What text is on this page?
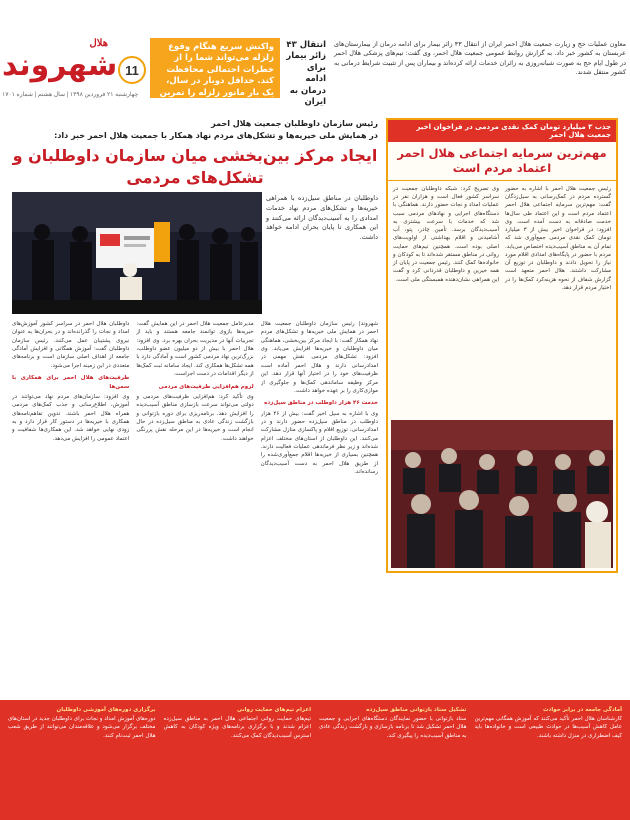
هلال
شهروند
چهارشنبه ۲۱ فروردین ۱۳۹۸ | سال هشتم | شماره ۱۷۰۱
11
واکنش سریع هنگام وقوع زلزله می‌تواند شما را از خطرات احتمالی محافظت کند. حداقل دوبار در سال، یک بار مانور زلزله را تمرین کنید.
انتقال ۴۳ زائر بیمار برای ادامه درمان به ایران
معاون عملیات حج و زیارت جمعیت هلال احمر ایران از انتقال ۴۳ زائر بیمار برای ادامه درمان از بیمارستان‌های عربستان به کشور خبر داد. به گزارش روابط عمومی جمعیت هلال احمر، وی گفت: تیم‌های پزشکی هلال احمر در طول ایام حج به صورت شبانه‌روزی به زائران خدمات ارائه کرده‌اند و بیماران پس از تثبیت شرایط درمانی به کشور منتقل شدند.
رئیس سازمان داوطلبان جمعیت هلال احمر
در همایش ملی خیریه‌ها و تشکل‌های مردم نهاد همکار با جمعیت هلال احمر خبر داد:
ایجاد مرکز بین‌بخشی میان سازمان داوطلبان و تشکل‌های مردمی
داوطلبان در مناطق سیل‌زده با همراهی خیریه‌ها و تشکل‌های مردم نهاد خدمات امدادی را به آسیب‌دیدگان ارائه می‌کنند و این همکاری تا پایان بحران ادامه خواهد داشت.

شهروند| رئیس سازمان داوطلبان جمعیت هلال احمر در همایش ملی خیریه‌ها و تشکل‌های مردم نهاد همکار گفت: با ایجاد مرکز بین‌بخشی، هماهنگی میان داوطلبان و خیریه‌ها افزایش می‌یابد. وی افزود: تشکل‌های مردمی نقش مهمی در امدادرسانی دارند و هلال احمر آماده است ظرفیت‌های خود را در اختیار آنها قرار دهد. این مرکز وظیفه ساماندهی کمک‌ها و جلوگیری از موازی‌کاری را بر عهده خواهد داشت.

خدمت ۴۶ هزار داوطلب در مناطق سیل‌زده

وی با اشاره به سیل اخیر گفت: بیش از ۴۶ هزار داوطلب در مناطق سیل‌زده حضور دارند و در امدادرسانی، توزیع اقلام و پاکسازی منازل مشارکت می‌کنند. این داوطلبان از استان‌های مختلف اعزام شده‌اند و زیر نظر فرماندهی عملیات فعالیت دارند. همچنین بسیاری از خیریه‌ها اقلام جمع‌آوری‌شده را از طریق هلال احمر به دست آسیب‌دیدگان رسانده‌اند.

مدیرعامل جمعیت هلال احمر در این همایش گفت: خیریه‌ها بازوی توانمند جامعه هستند و باید از تجربیات آنها در مدیریت بحران بهره برد. وی افزود: هلال احمر با بیش از دو میلیون عضو داوطلب، بزرگ‌ترین نهاد مردمی کشور است و آمادگی دارد با همه تشکل‌ها همکاری کند. ایجاد سامانه ثبت کمک‌ها از دیگر اقدامات در دست اجراست.

لزوم هم‌افزایی ظرفیت‌های مردمی

وی تأکید کرد: هم‌افزایی ظرفیت‌های مردمی و دولتی می‌تواند سرعت بازسازی مناطق آسیب‌دیده را افزایش دهد. برنامه‌ریزی برای دوره بازتوانی و بازگشت زندگی عادی به مناطق سیل‌زده در حال انجام است و خیریه‌ها در این مرحله نقش پررنگی خواهند داشت.

داوطلبان هلال احمر در سراسر کشور آموزش‌های امداد و نجات را گذرانده‌اند و در بحران‌ها به عنوان نیروی پشتیبان عمل می‌کنند. رئیس سازمان داوطلبان گفت: آموزش همگانی و افزایش آمادگی جامعه از اهداف اصلی سازمان است و برنامه‌های متعددی در این زمینه اجرا می‌شود.

ظرفیت‌های هلال احمر برای همکاری با سمن‌ها

وی افزود: سازمان‌های مردم نهاد می‌توانند در آموزش، اطلاع‌رسانی و جذب کمک‌های مردمی همراه هلال احمر باشند. تدوین تفاهم‌نامه‌های همکاری با خیریه‌ها در دستور کار قرار دارد و به زودی نهایی خواهد شد. این همکاری‌ها شفافیت و اعتماد عمومی را افزایش می‌دهد.

جذب ۳ میلیارد تومان کمک نقدی مردمی در فراخوان اخیر جمعیت هلال احمر
مهم‌ترین سرمایه اجتماعی هلال احمر اعتماد مردم است

رئیس جمعیت هلال احمر با اشاره به حضور گسترده مردم در کمک‌رسانی به سیل‌زدگان گفت: مهم‌ترین سرمایه اجتماعی هلال احمر اعتماد مردم است و این اعتماد طی سال‌ها خدمت صادقانه به دست آمده است. وی افزود: در فراخوان اخیر بیش از ۳ میلیارد تومان کمک نقدی مردمی جمع‌آوری شد که تمام آن به مناطق آسیب‌دیده اختصاص می‌یابد. مردم با حضور در پایگاه‌های امدادی اقلام مورد نیاز را تحویل دادند و داوطلبان در توزیع آن مشارکت داشتند. هلال احمر متعهد است گزارش شفاف از نحوه هزینه‌کرد کمک‌ها را در اختیار مردم قرار دهد.

وی تصریح کرد: شبکه داوطلبان جمعیت در سراسر کشور فعال است و هزاران نفر در عملیات امداد و نجات حضور دارند. هماهنگی با دستگاه‌های اجرایی و نهادهای مردمی سبب شد که خدمات با سرعت بیشتری به آسیب‌دیدگان برسد. تأمین چادر، پتو، آب آشامیدنی و اقلام بهداشتی از اولویت‌های اصلی بوده است. همچنین تیم‌های حمایت روانی در مناطق مستقر شده‌اند تا به کودکان و خانواده‌ها کمک کنند. رئیس جمعیت در پایان از همه خیرین و داوطلبان قدردانی کرد و گفت این همراهی نشان‌دهنده همبستگی ملی است.

آمادگی جامعه در برابر حوادث

کارشناسان هلال احمر تأکید می‌کنند که آموزش همگانی مهم‌ترین عامل کاهش آسیب‌ها در حوادث طبیعی است و خانواده‌ها باید کیف اضطراری در منزل داشته باشند.

تشکیل ستاد بازتوانی مناطق سیل‌زده

ستاد بازتوانی با حضور نمایندگان دستگاه‌های اجرایی و جمعیت هلال احمر تشکیل شد تا برنامه بازسازی و بازگشت زندگی عادی به مناطق آسیب‌دیده را پیگیری کند.

اعزام تیم‌های حمایت روانی

تیم‌های حمایت روانی اجتماعی هلال احمر به مناطق سیل‌زده اعزام شدند و با برگزاری برنامه‌های ویژه کودکان به کاهش استرس آسیب‌دیدگان کمک می‌کنند.

برگزاری دوره‌های آموزشی داوطلبان

دوره‌های آموزش امداد و نجات برای داوطلبان جدید در استان‌های مختلف برگزار می‌شود و علاقه‌مندان می‌توانند از طریق شعب هلال احمر ثبت‌نام کنند.
